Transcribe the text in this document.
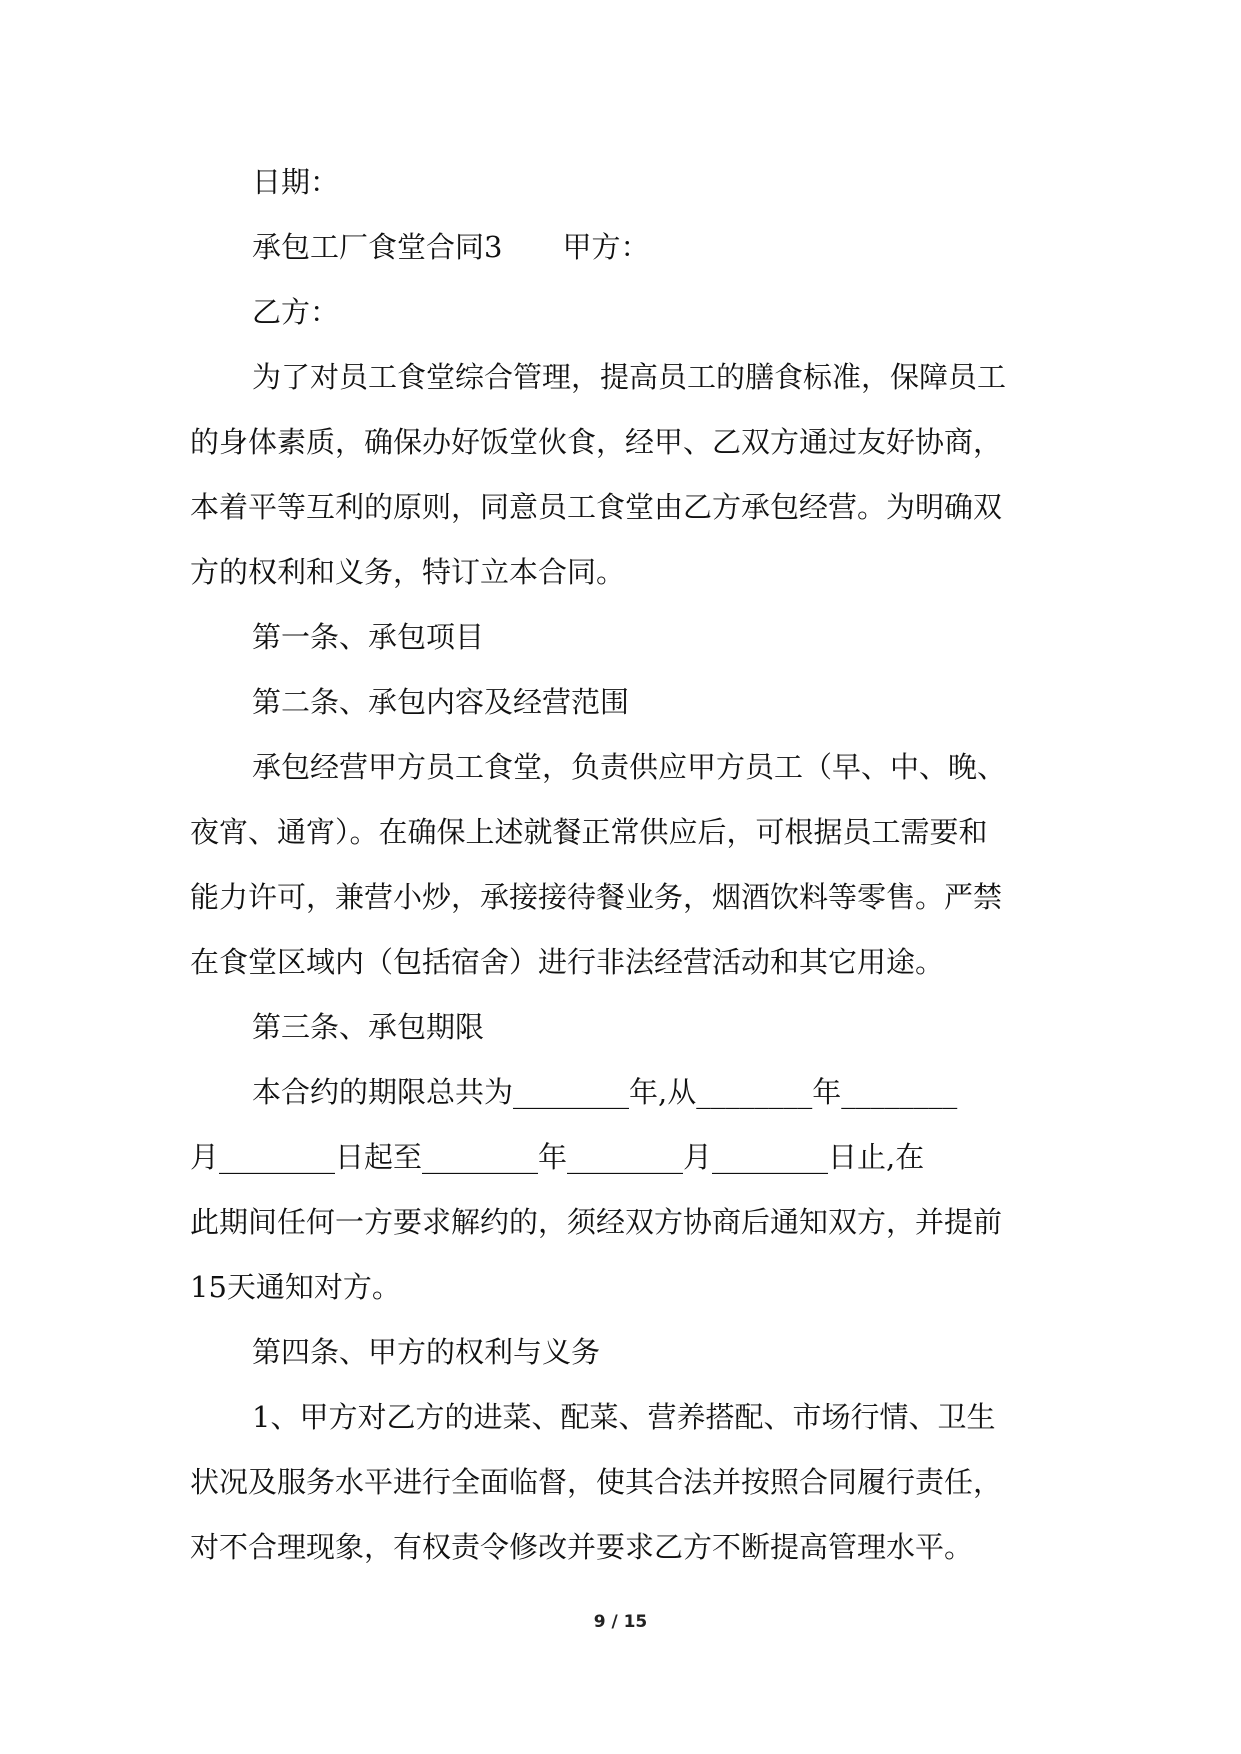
日期：

承包工厂食堂合同3 甲方：

乙方：

为了对员工食堂综合管理，提高员工的膳食标准，保障员工

的身体素质，确保办好饭堂伙食，经甲、乙双方通过友好协商，

本着平等互利的原则，同意员工食堂由乙方承包经营。为明确双

方的权利和义务，特订立本合同。

第一条、承包项目

第二条、承包内容及经营范围

承包经营甲方员工食堂，负责供应甲方员工（早、中、晚、

夜宵、通宵）。在确保上述就餐正常供应后，可根据员工需要和

能力许可，兼营小炒，承接接待餐业务，烟酒饮料等零售。严禁

在食堂区域内（包括宿舍）进行非法经营活动和其它用途。

第三条、承包期限

本合约的期限总共为________年,从________年________

月________日起至________年________月________日止,在

此期间任何一方要求解约的，须经双方协商后通知双方，并提前

15天通知对方。

第四条、甲方的权利与义务

1、甲方对乙方的进菜、配菜、营养搭配、市场行情、卫生

状况及服务水平进行全面临督，使其合法并按照合同履行责任，

对不合理现象，有权责令修改并要求乙方不断提高管理水平。

9 / 15
